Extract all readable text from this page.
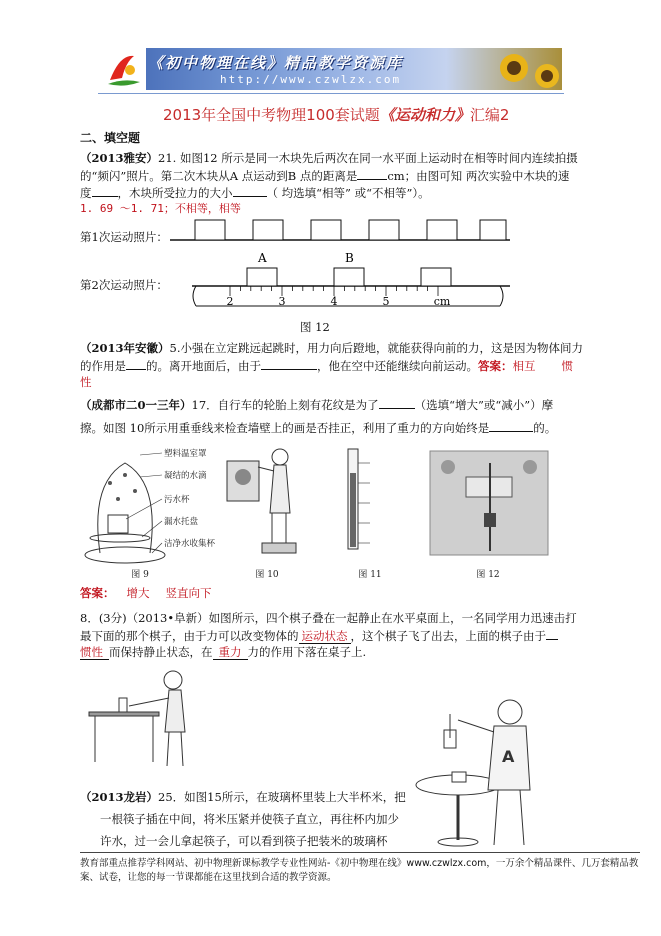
《初中物理在线》精品教学资源库
http://www.czwlzx.com
2013年全国中考物理100套试题《运动和力》汇编2
二、填空题
（2013雅安）21. 如图12 所示是同一木块先后两次在同一水平面上运动时在相等时间内连续拍摄
的“频闪”照片。第二次木块从A 点运动到B 点的距离是	cm；由图可知 两次实验中木块的速
度 ，木块所受拉力的大小	（ 均选填“相等” 或“不相等”）。
1. 69 ～1. 71；不相等，相等
第1次运动照片：
第2次运动照片：
A	B
2	3	4	5	cm
图 12
（2013年安徽）5.小强在立定跳远起跳时，用力向后蹬地，就能获得向前的力，这是因为物体间力
的作用是 的。离开地面后，由于	，他在空中还能继续向前运动。答案：相互 惯
性
（成都市二0一三年）17．自行车的轮胎上刻有花纹是为了	（选填“增大”或“减小”）摩
擦。如图 10所示用重垂线来检查墙壁上的画是否挂正，利用了重力的方向始终是	的。
塑料温室罩
凝结的水滴
污水杯
漏水托盘
洁净水收集杯
图 9	图 10	图 11	图 12
答案： 增大 竖直向下
8．(3分)（2013•阜新）如图所示，四个棋子叠在一起静止在水平桌面上，一名同学用力迅速击打
最下面的那个棋子，由于力可以改变物体的 运动状态 ，这个棋子飞了出去，上面的棋子由于
惯性 而保持静止状态，在 重力 力的作用下落在桌子上.
A
（2013龙岩）25．如图15所示，在玻璃杯里装上大半杯米，把
一根筷子插在中间，将米压紧并使筷子直立，再往杯内加少
许水，过一会儿拿起筷子，可以看到筷子把装米的玻璃杯
教育部重点推荐学科网站、初中物理新课标教学专业性网站-《初中物理在线》www.czwlzx.com，一万余个精品课件、几万套精品教案、试卷，让您的每一节课都能在这里找到合适的教学资源。
